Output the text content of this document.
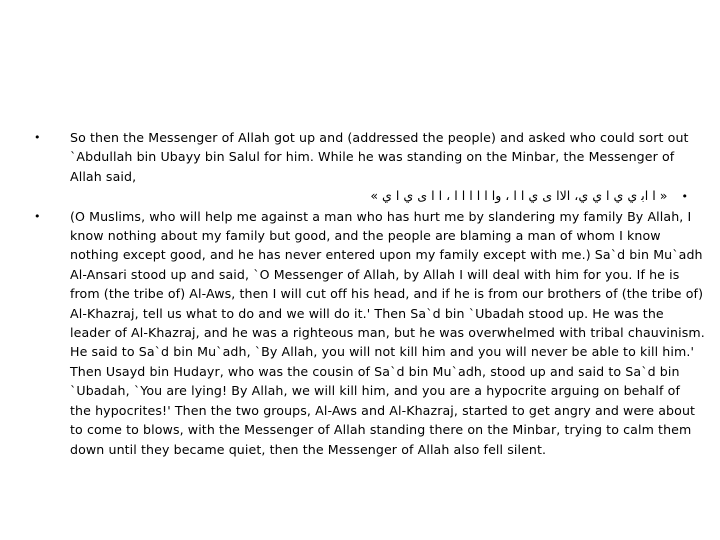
• So then the Messenger of Allah got up and (addressed the people) and asked who could sort out `Abdullah bin Ubayy bin Salul for him. While he was standing on the Minbar, the Messenger of Allah said,
•« ﺍ ﺍﺑ ﻱ ﻱ ﺍ ﻱ ﻱ، ﺍﻻﺍ ﻯ ﻱ ﺍ ﺍ ، ﻭﺍ ﺍ ﺍ ﺍ ﺍ ﺍ ، ﺍ ﺍ ﻯ ﻱ ﺍ ﻱ »
• (O Muslims, who will help me against a man who has hurt me by slandering my family By Allah, I know nothing about my family but good, and the people are blaming a man of whom I know nothing except good, and he has never entered upon my family except with me.) Sa`d bin Mu`adh Al-Ansari stood up and said, `O Messenger of Allah, by Allah I will deal with him for you. If he is from (the tribe of) Al-Aws, then I will cut off his head, and if he is from our brothers of (the tribe of) Al-Khazraj, tell us what to do and we will do it.' Then Sa`d bin `Ubadah stood up. He was the leader of Al-Khazraj, and he was a righteous man, but he was overwhelmed with tribal chauvinism. He said to Sa`d bin Mu`adh, `By Allah, you will not kill him and you will never be able to kill him.' Then Usayd bin Hudayr, who was the cousin of Sa`d bin Mu`adh, stood up and said to Sa`d bin `Ubadah, `You are lying! By Allah, we will kill him, and you are a hypocrite arguing on behalf of the hypocrites!' Then the two groups, Al-Aws and Al-Khazraj, started to get angry and were about to come to blows, with the Messenger of Allah standing there on the Minbar, trying to calm them down until they became quiet, then the Messenger of Allah also fell silent.
